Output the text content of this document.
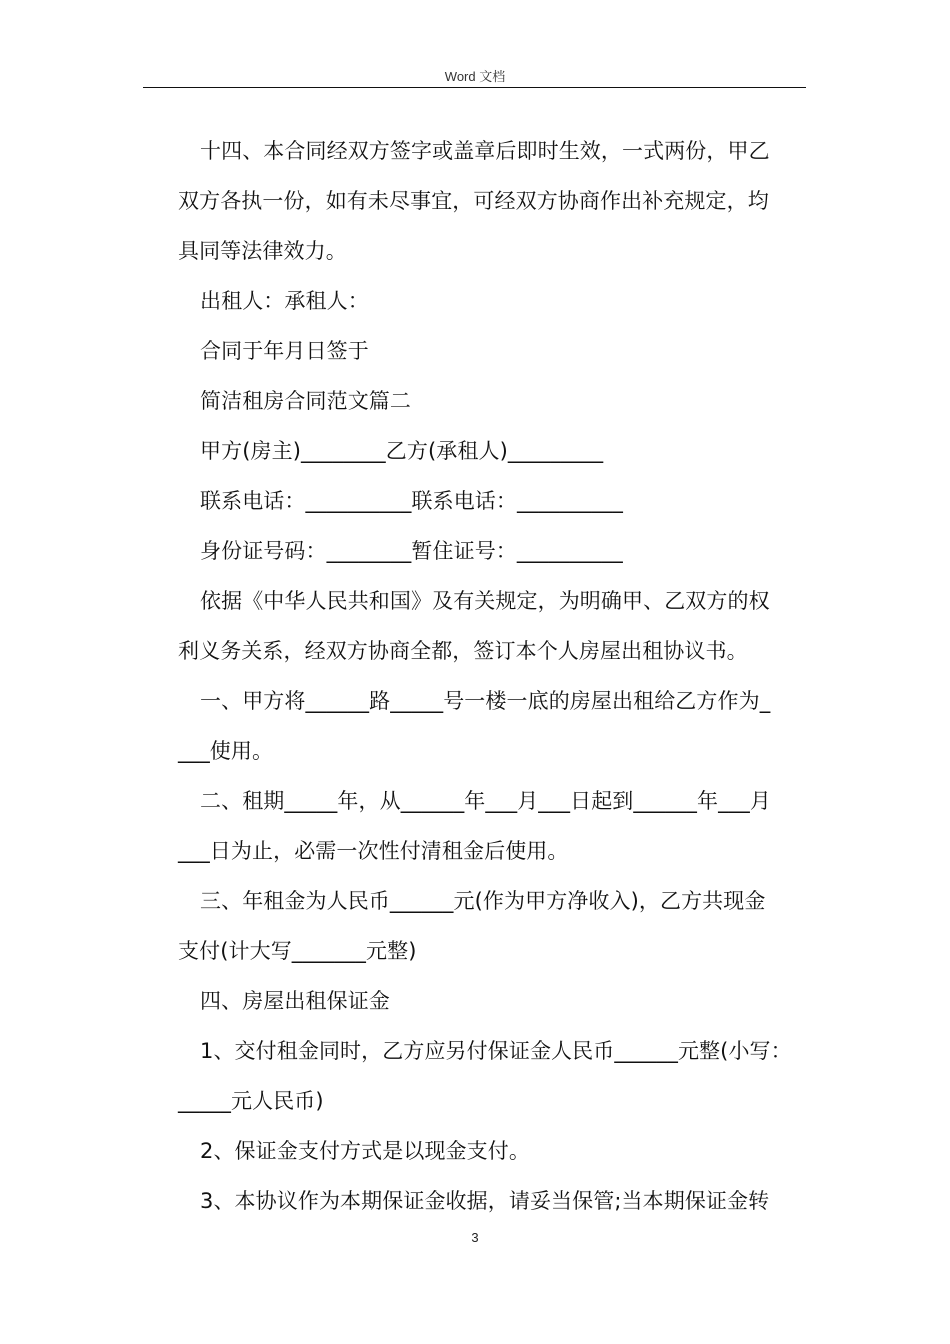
Word 文档
十四、本合同经双方签字或盖章后即时生效，一式两份，甲乙
双方各执一份，如有未尽事宜，可经双方协商作出补充规定，均
具同等法律效力。
出租人：承租人：
合同于年月日签于
简洁租房合同范文篇二
甲方(房主)________乙方(承租人)_________
联系电话：__________联系电话：__________
身份证号码：________暂住证号：__________
依据《中华人民共和国》及有关规定，为明确甲、乙双方的权
利义务关系，经双方协商全都，签订本个人房屋出租协议书。
一、甲方将______路_____号一楼一底的房屋出租给乙方作为_
___使用。
二、租期_____年，从______年___月___日起到______年___月
___日为止，必需一次性付清租金后使用。
三、年租金为人民币______元(作为甲方净收入)，乙方共现金
支付(计大写_______元整)
四、房屋出租保证金
1、交付租金同时，乙方应另付保证金人民币______元整(小写：
_____元人民币)
2、保证金支付方式是以现金支付。
3、本协议作为本期保证金收据，请妥当保管;当本期保证金转
3
